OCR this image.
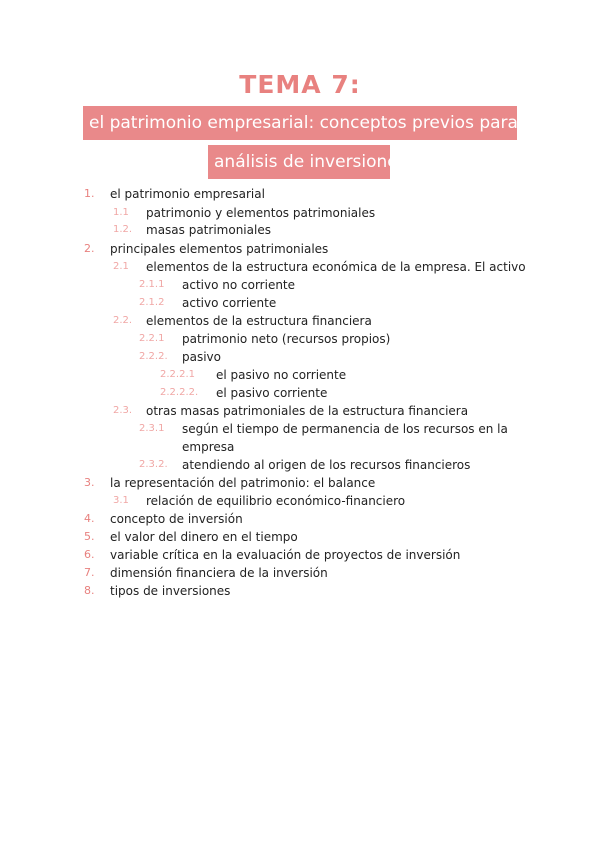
TEMA 7:
el patrimonio empresarial: conceptos previos para el
análisis de inversiones
1. el patrimonio empresarial
1.1 patrimonio y elementos patrimoniales
1.2. masas patrimoniales
2. principales elementos patrimoniales
2.1 elementos de la estructura económica de la empresa. El activo
2.1.1 activo no corriente
2.1.2 activo corriente
2.2. elementos de la estructura financiera
2.2.1 patrimonio neto (recursos propios)
2.2.2. pasivo
2.2.2.1 el pasivo no corriente
2.2.2.2. el pasivo corriente
2.3. otras masas patrimoniales de la estructura financiera
2.3.1 según el tiempo de permanencia de los recursos en la
empresa
2.3.2. atendiendo al origen de los recursos financieros
3. la representación del patrimonio: el balance
3.1 relación de equilibrio económico-financiero
4. concepto de inversión
5. el valor del dinero en el tiempo
6. variable crítica en la evaluación de proyectos de inversión
7. dimensión financiera de la inversión
8. tipos de inversiones
